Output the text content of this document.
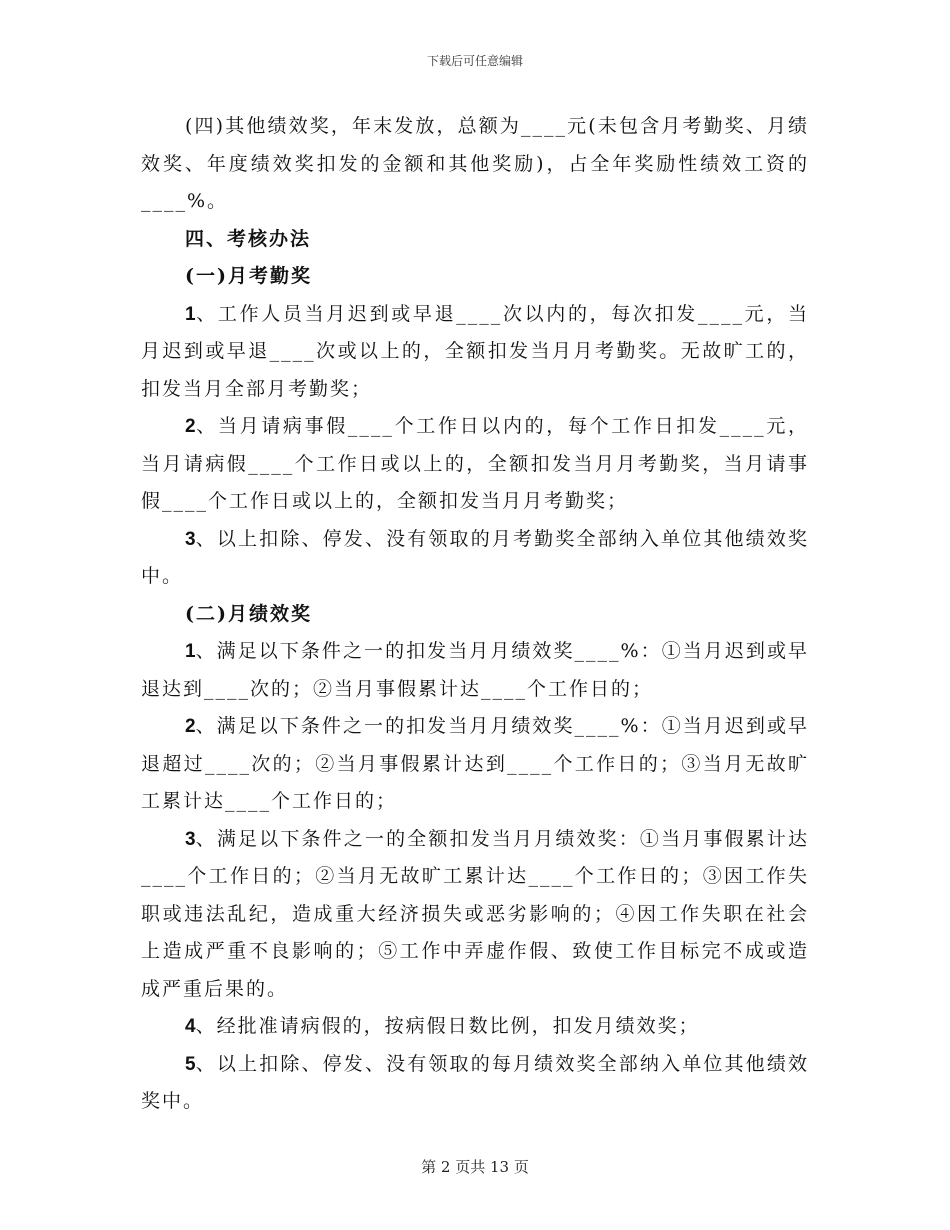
下载后可任意编辑

(四)其他绩效奖，年末发放，总额为____元(未包含月考勤奖、月绩效奖、年度绩效奖扣发的金额和其他奖励)，占全年奖励性绩效工资的____%。

四、考核办法

(一)月考勤奖

1、工作人员当月迟到或早退____次以内的，每次扣发____元，当月迟到或早退____次或以上的，全额扣发当月月考勤奖。无故旷工的，扣发当月全部月考勤奖；

2、当月请病事假____个工作日以内的，每个工作日扣发____元，当月请病假____个工作日或以上的，全额扣发当月月考勤奖，当月请事假____个工作日或以上的，全额扣发当月月考勤奖；

3、以上扣除、停发、没有领取的月考勤奖全部纳入单位其他绩效奖中。

(二)月绩效奖

1、满足以下条件之一的扣发当月月绩效奖____%：①当月迟到或早退达到____次的；②当月事假累计达____个工作日的；

2、满足以下条件之一的扣发当月月绩效奖____%：①当月迟到或早退超过____次的；②当月事假累计达到____个工作日的；③当月无故旷工累计达____个工作日的；

3、满足以下条件之一的全额扣发当月月绩效奖：①当月事假累计达____个工作日的；②当月无故旷工累计达____个工作日的；③因工作失职或违法乱纪，造成重大经济损失或恶劣影响的；④因工作失职在社会上造成严重不良影响的；⑤工作中弄虚作假、致使工作目标完不成或造成严重后果的。

4、经批准请病假的，按病假日数比例，扣发月绩效奖；

5、以上扣除、停发、没有领取的每月绩效奖全部纳入单位其他绩效奖中。

第 2 页共 13 页
